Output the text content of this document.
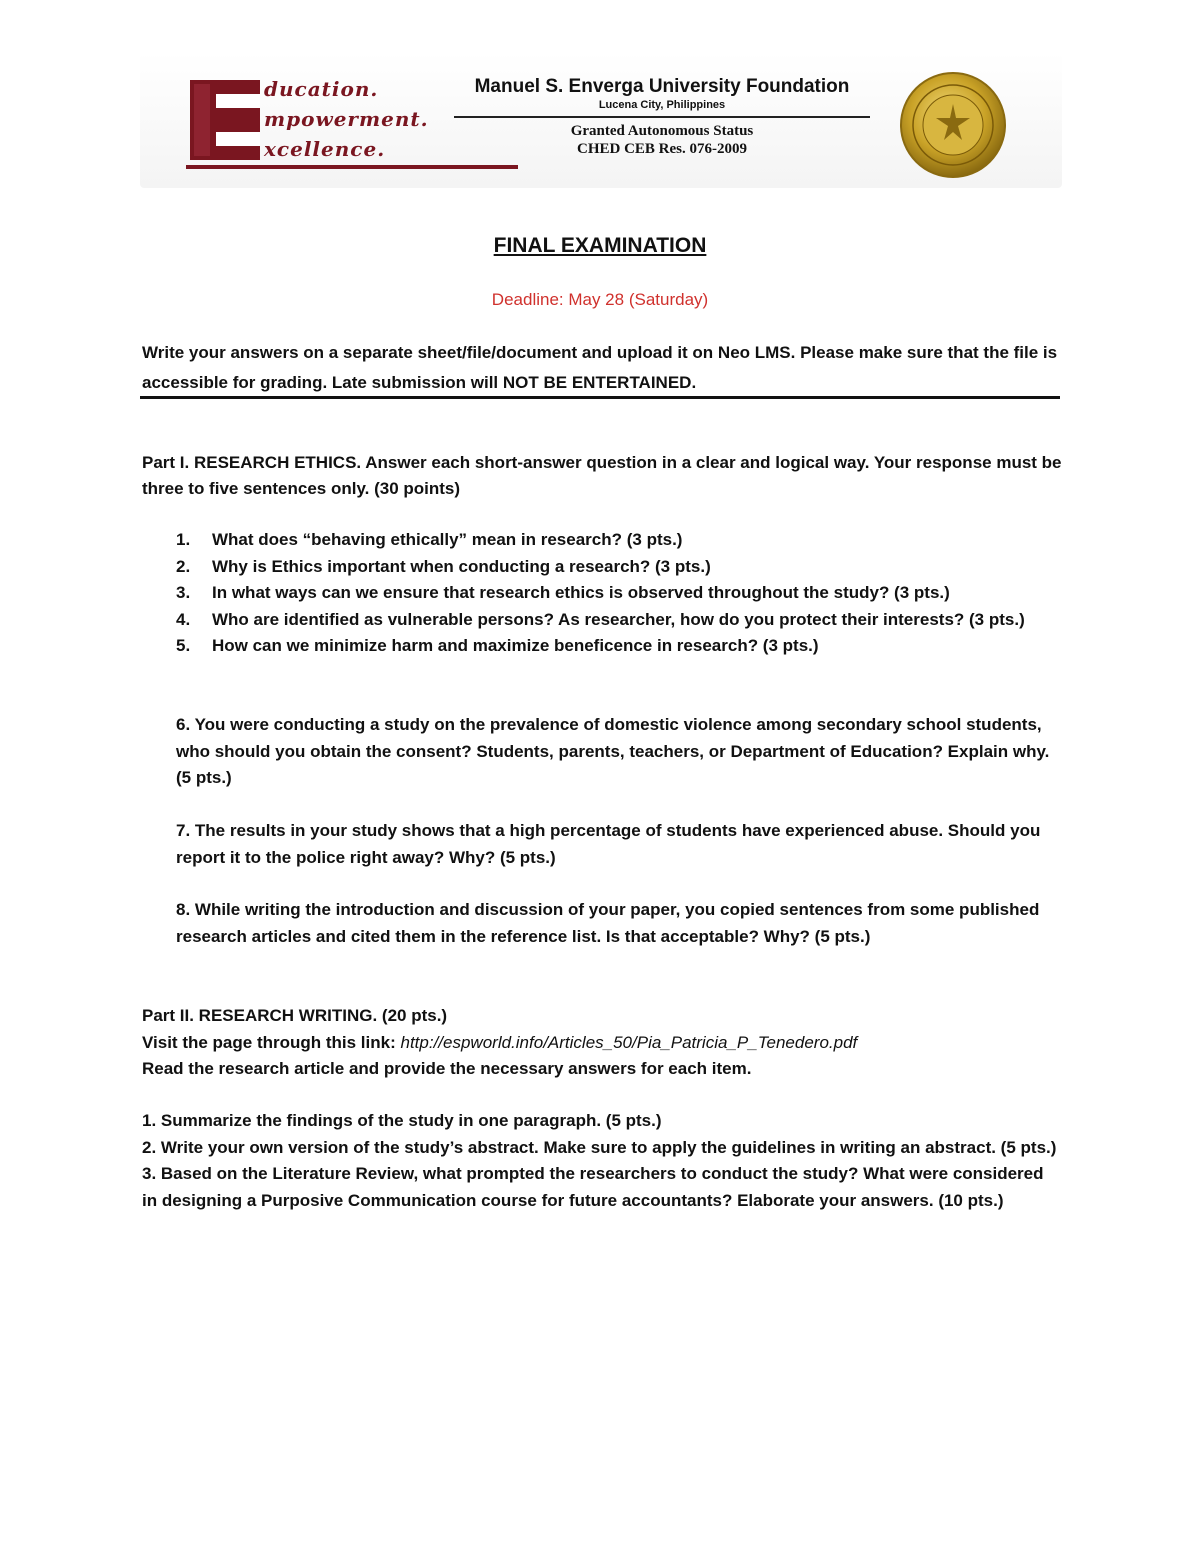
ducation.
mpowerment.
xcellence.
Manuel S. Enverga University Foundation
Lucena City, Philippines
Granted Autonomous Status
CHED CEB Res. 076-2009
FINAL EXAMINATION
Deadline: May 28 (Saturday)
Write your answers on a separate sheet/file/document and upload it on Neo LMS. Please make sure that the file is accessible for grading. Late submission will NOT BE ENTERTAINED.
Part I. RESEARCH ETHICS. Answer each short-answer question in a clear and logical way. Your response must be three to five sentences only. (30 points)
1.	What does “behaving ethically” mean in research? (3 pts.)
2.	Why is Ethics important when conducting a research? (3 pts.)
3.	In what ways can we ensure that research ethics is observed throughout the study? (3 pts.)
4.	Who are identified as vulnerable persons? As researcher, how do you protect their interests? (3 pts.)
5.	How can we minimize harm and maximize beneficence in research? (3 pts.)
6. You were conducting a study on the prevalence of domestic violence among secondary school students, who should you obtain the consent? Students, parents, teachers, or Department of Education? Explain why. (5 pts.)
7. The results in your study shows that a high percentage of students have experienced abuse. Should you report it to the police right away? Why? (5 pts.)
8. While writing the introduction and discussion of your paper, you copied sentences from some published research articles and cited them in the reference list. Is that acceptable? Why? (5 pts.)
Part II. RESEARCH WRITING. (20 pts.)
Visit the page through this link: http://espworld.info/Articles_50/Pia_Patricia_P_Tenedero.pdf
Read the research article and provide the necessary answers for each item.
1. Summarize the findings of the study in one paragraph. (5 pts.)
2. Write your own version of the study’s abstract. Make sure to apply the guidelines in writing an abstract. (5 pts.)
3. Based on the Literature Review, what prompted the researchers to conduct the study? What were considered in designing a Purposive Communication course for future accountants? Elaborate your answers. (10 pts.)
